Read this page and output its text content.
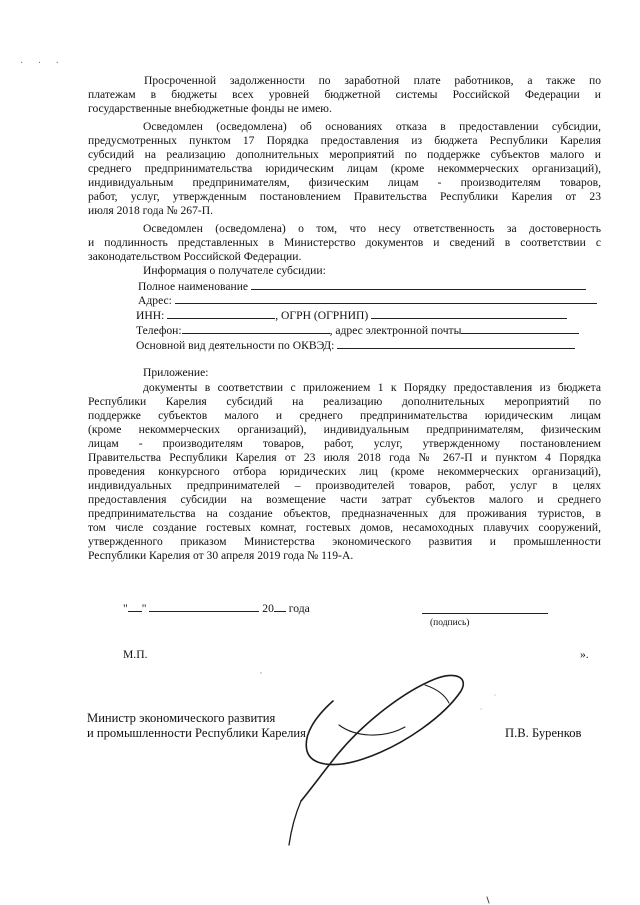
· · ·
Просроченной задолженности по заработной плате работников, а также по
платежам в бюджеты всех уровней бюджетной системы Российской Федерации и
государственные внебюджетные фонды не имею.
Осведомлен (осведомлена) об основаниях отказа в предоставлении субсидии,
предусмотренных пунктом 17 Порядка предоставления из бюджета Республики Карелия
субсидий на реализацию дополнительных мероприятий по поддержке субъектов малого и
среднего предпринимательства юридическим лицам (кроме некоммерческих организаций),
индивидуальным предпринимателям, физическим лицам - производителям товаров,
работ, услуг, утвержденным постановлением Правительства Республики Карелия от 23
июля 2018 года № 267-П.
Осведомлен (осведомлена) о том, что несу ответственность за достоверность
и подлинность представленных в Министерство документов и сведений в соответствии с
законодательством Российской Федерации.
Информация о получателе субсидии:
Полное наименование
Адрес:
ИНН:	, ОГРН (ОГРНИП)
Телефон:	, адрес электронной почты
Основной вид деятельности по ОКВЭД:
Приложение:
документы в соответствии с приложением 1 к Порядку предоставления из бюджета
Республики Карелия субсидий на реализацию дополнительных мероприятий по
поддержке субъектов малого и среднего предпринимательства юридическим лицам
(кроме некоммерческих организаций), индивидуальным предпринимателям, физическим
лицам - производителям товаров, работ, услуг, утвержденному постановлением
Правительства Республики Карелия от 23 июля 2018 года № 267-П и пунктом 4 Порядка
проведения конкурсного отбора юридических лиц (кроме некоммерческих организаций),
индивидуальных предпринимателей – производителей товаров, работ, услуг в целях
предоставления субсидии на возмещение части затрат субъектов малого и среднего
предпринимательства на создание объектов, предназначенных для проживания туристов, в
том числе создание гостевых комнат, гостевых домов, несамоходных плавучих сооружений,
утвержденного приказом Министерства экономического развития и промышленности
Республики Карелия от 30 апреля 2019 года № 119-А.
" "	20 года
(подпись)
М.П.	».
Министр экономического развития
и промышленности Республики Карелия	П.В. Буренков
